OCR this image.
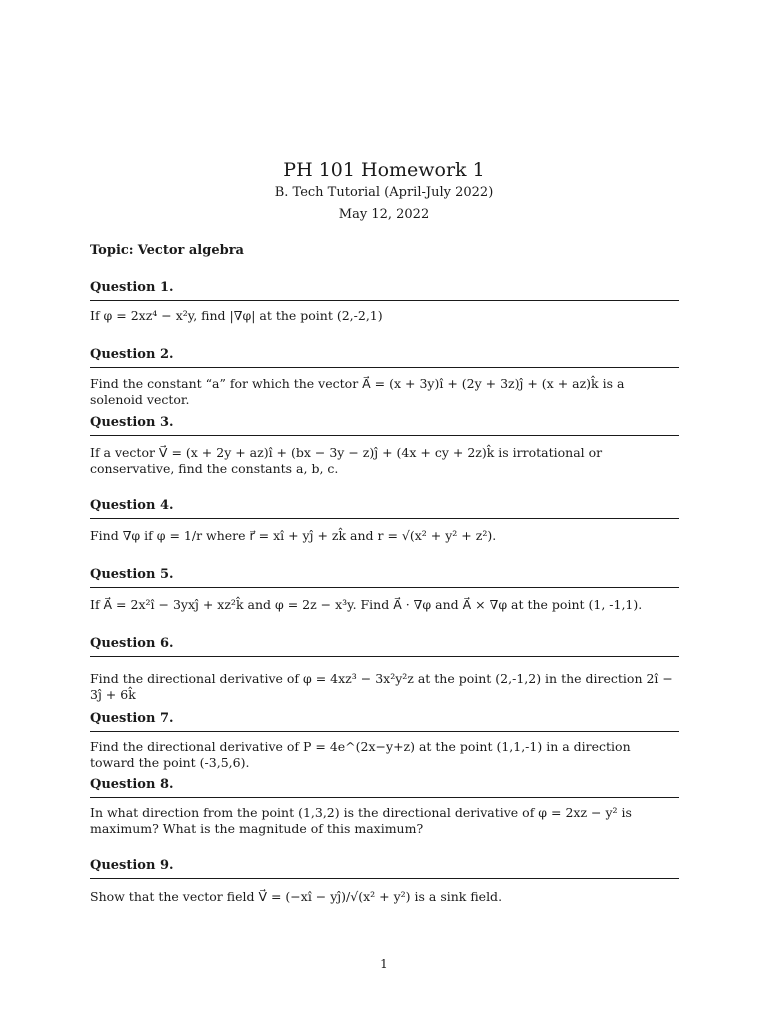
PH 101 Homework 1
B. Tech Tutorial (April-July 2022)
May 12, 2022
Topic: Vector algebra
Question 1.
If φ = 2xz⁴ − x²y, find |∇φ| at the point (2,-2,1)
Question 2.
Find the constant “a” for which the vector A⃗ = (x + 3y)î + (2y + 3z)ĵ + (x + az)k̂ is a solenoid vector.
Question 3.
If a vector V⃗ = (x + 2y + az)î + (bx − 3y − z)ĵ + (4x + cy + 2z)k̂ is irrotational or conservative, find the constants a, b, c.
Question 4.
Find ∇φ if φ = 1/r where r⃗ = xî + yĵ + zk̂ and r = √(x² + y² + z²).
Question 5.
If A⃗ = 2x²î − 3yxĵ + xz²k̂ and φ = 2z − x³y. Find A⃗ · ∇φ and A⃗ × ∇φ at the point (1, -1,1).
Question 6.
Find the directional derivative of φ = 4xz³ − 3x²y²z at the point (2,-1,2) in the direction 2î − 3ĵ + 6k̂
Question 7.
Find the directional derivative of P = 4e^(2x−y+z) at the point (1,1,-1) in a direction toward the point (-3,5,6).
Question 8.
In what direction from the point (1,3,2) is the directional derivative of φ = 2xz − y² is maximum? What is the magnitude of this maximum?
Question 9.
Show that the vector field V⃗ = (−xî − yĵ)/√(x² + y²) is a sink field.
1
